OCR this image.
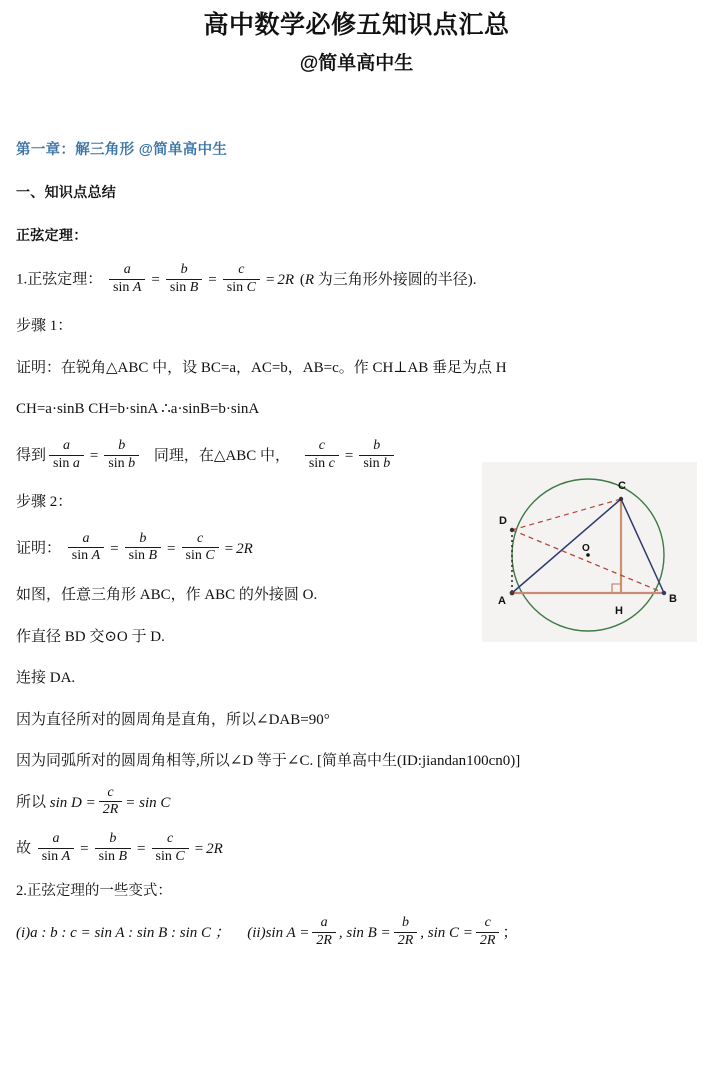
高中数学必修五知识点汇总
@简单高中生
第一章：解三角形 @简单高中生
一、知识点总结
正弦定理：
1.正弦定理： $\frac{a}{\text{sin A}} = \frac{b}{\text{sin B}} = \frac{c}{\text{sin C}} = 2R$ (R 为三角形外接圆的半径).
步骤 1：
证明：在锐角△ABC 中，设 BC=a，AC=b，AB=c。作 CH⊥AB 垂足为点 H
CH=a·sinB CH=b·sinA ∴a·sinB=b·sinA
得到 $\frac{a}{\text{sin a}} = \frac{b}{\text{sin b}}$ 同理，在△ABC 中， $\frac{c}{\text{sin c}} = \frac{b}{\text{sin b}}$
步骤 2：
证明： $\frac{a}{\text{sin A}} = \frac{b}{\text{sin B}} = \frac{c}{\text{sin C}} = 2R$
如图，任意三角形 ABC，作 ABC 的外接圆 O.
作直径 BD 交⊙O 于 D.
连接 DA.
因为直径所对的圆周角是直角，所以∠DAB=90°
因为同弧所对的圆周角相等,所以∠D 等于∠C. [简单高中生(ID:jiandan100cn0)]
所以 $\sin D = \frac{c}{2R} = \sin C$
故 $\frac{a}{\text{sin A}} = \frac{b}{\text{sin B}} = \frac{c}{\text{sin C}} = 2R$
2.正弦定理的一些变式：
(i) a : b : c = sin A : sin B : sin C ；
(ii) $\sin A = \frac{a}{2R}$ , $\sin B = \frac{b}{2R}$ , $\sin C = \frac{c}{2R}$ ；
C
D
O
A
H
B
